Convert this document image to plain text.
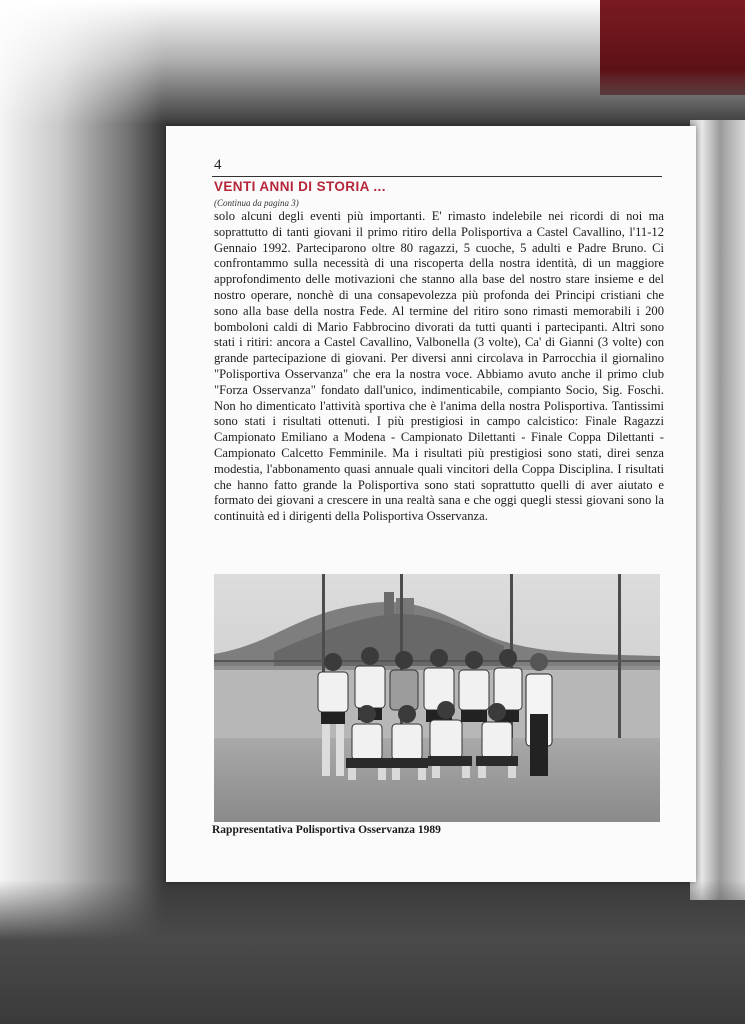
4
VENTI ANNI DI STORIA ...
(Continua da pagina 3)

solo alcuni degli eventi più importanti. E' rimasto indelebile nei ricordi di noi ma soprattutto di tanti giovani il primo ritiro della Polisportiva a Castel Cavallino, l'11-12 Gennaio 1992. Parteciparono oltre 80 ragazzi, 5 cuoche, 5 adulti e Padre Bruno. Ci confrontammo sulla necessità di una riscoperta della nostra identità, di un maggiore approfondimento delle motivazioni che stanno alla base del nostro stare insieme e del nostro operare, nonchè di una consapevolezza più profonda dei Principi cristiani che sono alla base della nostra Fede. Al termine del ritiro sono rimasti memorabili i 200 bomboloni caldi di Mario Fabbrocino divorati da tutti quanti i partecipanti. Altri sono stati i ritiri: ancora a Castel Cavallino, Valbonella (3 volte), Ca' di Gianni (3 volte) con grande partecipazione di giovani. Per diversi anni circolava in Parrocchia il giornalino "Polisportiva Osservanza" che era la nostra voce. Abbiamo avuto anche il primo club "Forza Osservanza" fondato dall'unico, indimenticabile, compianto Socio, Sig. Foschi. Non ho dimenticato l'attività sportiva che è l'anima della nostra Polisportiva. Tantissimi sono stati i risultati ottenuti. I più prestigiosi in campo calcistico: Finale Ragazzi Campionato Emiliano a Modena - Campionato Dilettanti - Finale Coppa Dilettanti - Campionato Calcetto Femminile. Ma i risultati più prestigiosi sono stati, direi senza modestia, l'abbonamento quasi annuale quali vincitori della Coppa Disciplina. I risultati che hanno fatto grande la Polisportiva sono stati soprattutto quelli di aver aiutato e formato dei giovani a crescere in una realtà sana e che oggi quegli stessi giovani sono la continuità ed i dirigenti della Polisportiva Osservanza.

Rappresentativa Polisportiva Osservanza 1989
